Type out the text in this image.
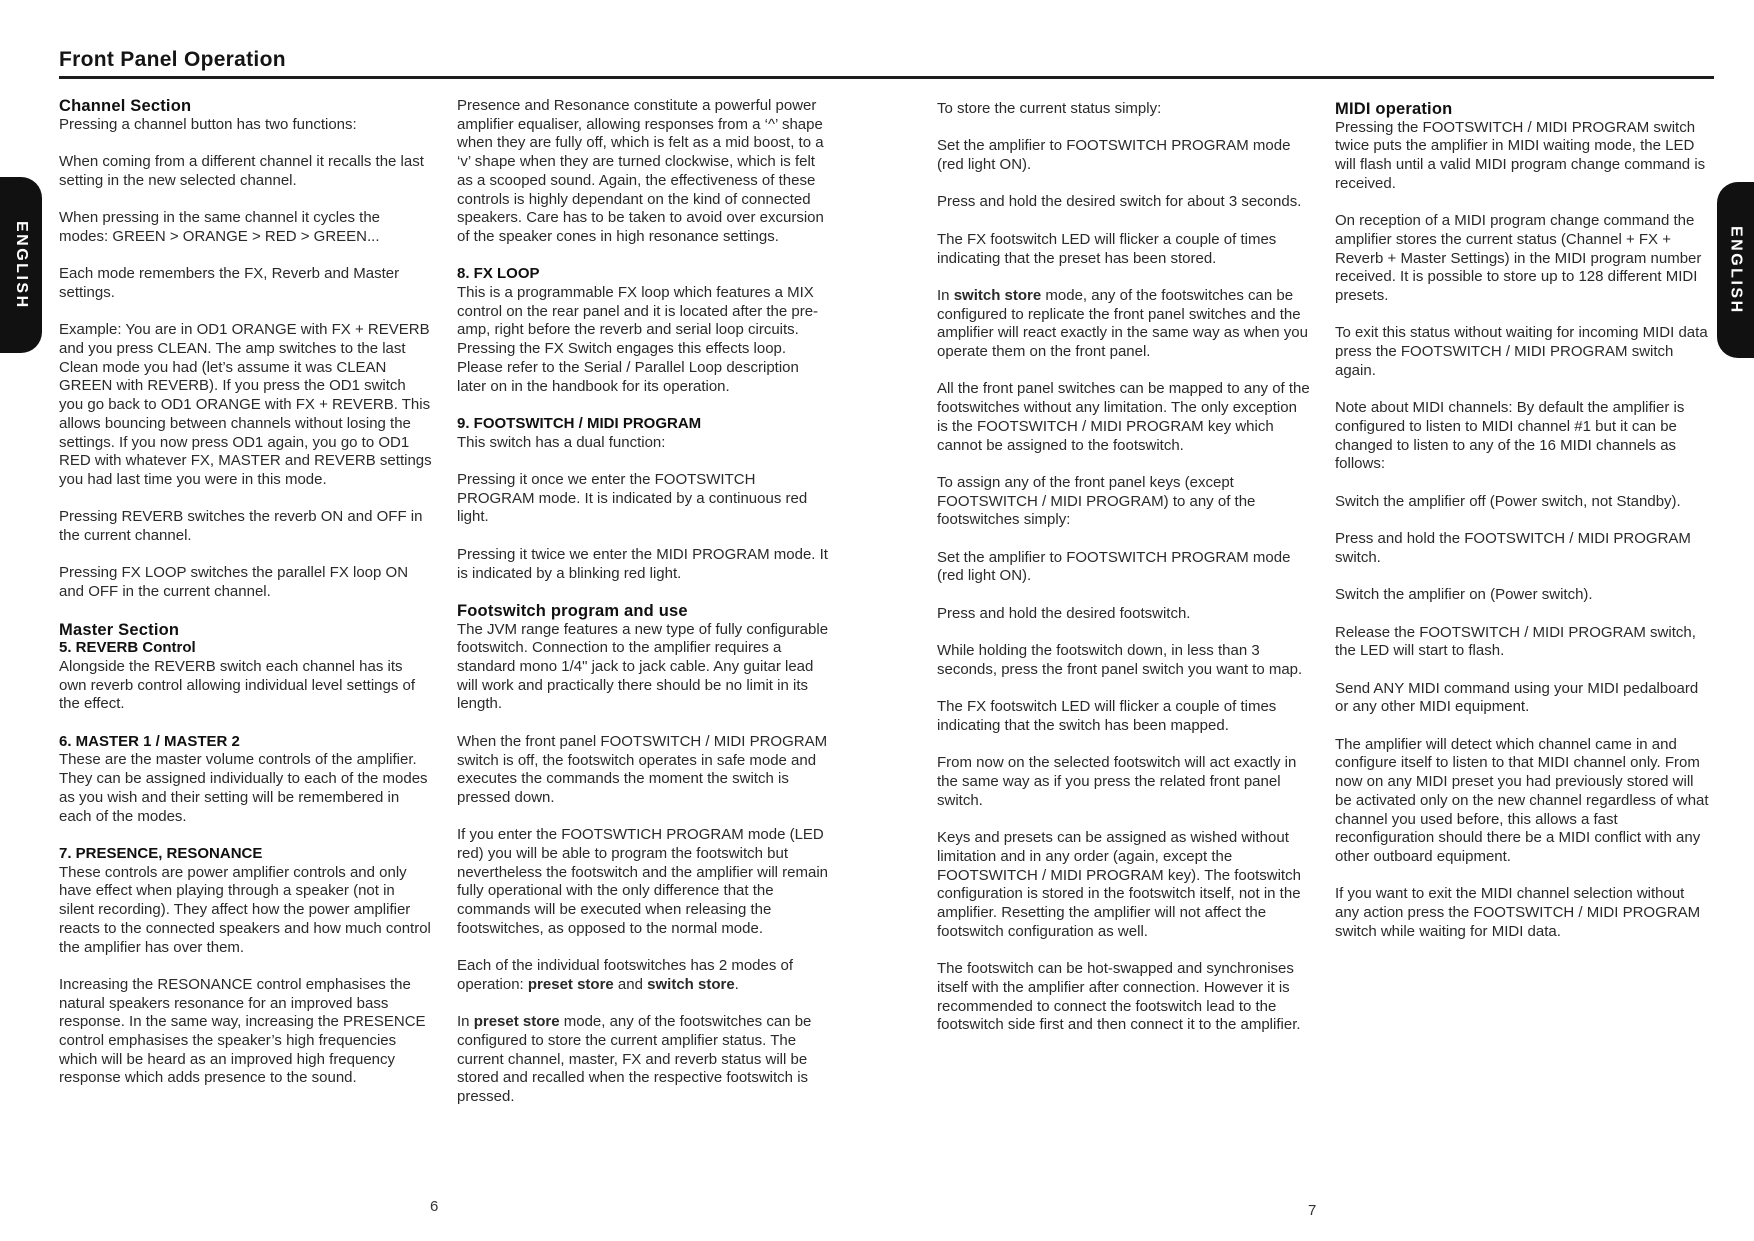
Front Panel Operation
ENGLISH	ENGLISH
Channel Section

Pressing a channel button has two functions:

When coming from a different channel it recalls the last setting in the new selected channel.

When pressing in the same channel it cycles the modes: GREEN > ORANGE > RED > GREEN...

Each mode remembers the FX, Reverb and Master settings.

Example: You are in OD1 ORANGE with FX + REVERB and you press CLEAN. The amp switches to the last Clean mode you had (let’s assume it was CLEAN GREEN with REVERB). If you press the OD1 switch you go back to OD1 ORANGE with FX + REVERB. This allows bouncing between channels without losing the settings. If you now press OD1 again, you go to OD1 RED with whatever FX, MASTER and REVERB settings you had last time you were in this mode.

Pressing REVERB switches the reverb ON and OFF in the current channel.

Pressing FX LOOP switches the parallel FX loop ON and OFF in the current channel.

Master Section
5. REVERB Control

Alongside the REVERB switch each channel has its own reverb control allowing individual level settings of the effect.

6. MASTER 1 / MASTER 2

These are the master volume controls of the amplifier. They can be assigned individually to each of the modes as you wish and their setting will be remembered in each of the modes.

7. PRESENCE, RESONANCE

These controls are power amplifier controls and only have effect when playing through a speaker (not in silent recording). They affect how the power amplifier reacts to the connected speakers and how much control the amplifier has over them.

Increasing the RESONANCE control emphasises the natural speakers resonance for an improved bass response. In the same way, increasing the PRESENCE control emphasises the speaker’s high frequencies which will be heard as an improved high frequency response which adds presence to the sound.

Presence and Resonance constitute a powerful power amplifier equaliser, allowing responses from a ‘^’ shape when they are fully off, which is felt as a mid boost, to a ‘v’ shape when they are turned clockwise, which is felt as a scooped sound. Again, the effectiveness of these controls is highly dependant on the kind of connected speakers. Care has to be taken to avoid over excursion of the speaker cones in high resonance settings.

8. FX LOOP

This is a programmable FX loop which features a MIX control on the rear panel and it is located after the pre-amp, right before the reverb and serial loop circuits. Pressing the FX Switch engages this effects loop. Please refer to the Serial / Parallel Loop description later on in the handbook for its operation.

9. FOOTSWITCH / MIDI PROGRAM

This switch has a dual function:

Pressing it once we enter the FOOTSWITCH PROGRAM mode. It is indicated by a continuous red light.

Pressing it twice we enter the MIDI PROGRAM mode. It is indicated by a blinking red light.

Footswitch program and use

The JVM range features a new type of fully configurable footswitch. Connection to the amplifier requires a standard mono 1/4" jack to jack cable. Any guitar lead will work and practically there should be no limit in its length.

When the front panel FOOTSWITCH / MIDI PROGRAM switch is off, the footswitch operates in safe mode and executes the commands the moment the switch is pressed down.

If you enter the FOOTSWTICH PROGRAM mode (LED red) you will be able to program the footswitch but nevertheless the footswitch and the amplifier will remain fully operational with the only difference that the commands will be executed when releasing the footswitches, as opposed to the normal mode.

Each of the individual footswitches has 2 modes of operation: preset store and switch store.

In preset store mode, any of the footswitches can be configured to store the current amplifier status. The current channel, master, FX and reverb status will be stored and recalled when the respective footswitch is pressed.

To store the current status simply:

Set the amplifier to FOOTSWITCH PROGRAM mode (red light ON).

Press and hold the desired switch for about 3 seconds.

The FX footswitch LED will flicker a couple of times indicating that the preset has been stored.

In switch store mode, any of the footswitches can be configured to replicate the front panel switches and the amplifier will react exactly in the same way as when you operate them on the front panel.

All the front panel switches can be mapped to any of the footswitches without any limitation. The only exception is the FOOTSWITCH / MIDI PROGRAM key which cannot be assigned to the footswitch.

To assign any of the front panel keys (except FOOTSWITCH / MIDI PROGRAM) to any of the footswitches simply:

Set the amplifier to FOOTSWITCH PROGRAM mode (red light ON).

Press and hold the desired footswitch.

While holding the footswitch down, in less than 3 seconds, press the front panel switch you want to map.

The FX footswitch LED will flicker a couple of times indicating that the switch has been mapped.

From now on the selected footswitch will act exactly in the same way as if you press the related front panel switch.

Keys and presets can be assigned as wished without limitation and in any order (again, except the FOOTSWITCH / MIDI PROGRAM key). The footswitch configuration is stored in the footswitch itself, not in the amplifier. Resetting the amplifier will not affect the footswitch configuration as well.

The footswitch can be hot-swapped and synchronises itself with the amplifier after connection. However it is recommended to connect the footswitch lead to the footswitch side first and then connect it to the amplifier.

MIDI operation

Pressing the FOOTSWITCH / MIDI PROGRAM switch twice puts the amplifier in MIDI waiting mode, the LED will flash until a valid MIDI program change command is received.

On reception of a MIDI program change command the amplifier stores the current status (Channel + FX + Reverb + Master Settings) in the MIDI program number received. It is possible to store up to 128 different MIDI presets.

To exit this status without waiting for incoming MIDI data press the FOOTSWITCH / MIDI PROGRAM switch again.

Note about MIDI channels: By default the amplifier is configured to listen to MIDI channel #1 but it can be changed to listen to any of the 16 MIDI channels as follows:

Switch the amplifier off (Power switch, not Standby).

Press and hold the FOOTSWITCH / MIDI PROGRAM switch.

Switch the amplifier on (Power switch).

Release the FOOTSWITCH / MIDI PROGRAM switch, the LED will start to flash.

Send ANY MIDI command using your MIDI pedalboard or any other MIDI equipment.

The amplifier will detect which channel came in and configure itself to listen to that MIDI channel only. From now on any MIDI preset you had previously stored will be activated only on the new channel regardless of what channel you used before, this allows a fast reconfiguration should there be a MIDI conflict with any other outboard equipment.

If you want to exit the MIDI channel selection without any action press the FOOTSWITCH / MIDI PROGRAM switch while waiting for MIDI data.

6	7
